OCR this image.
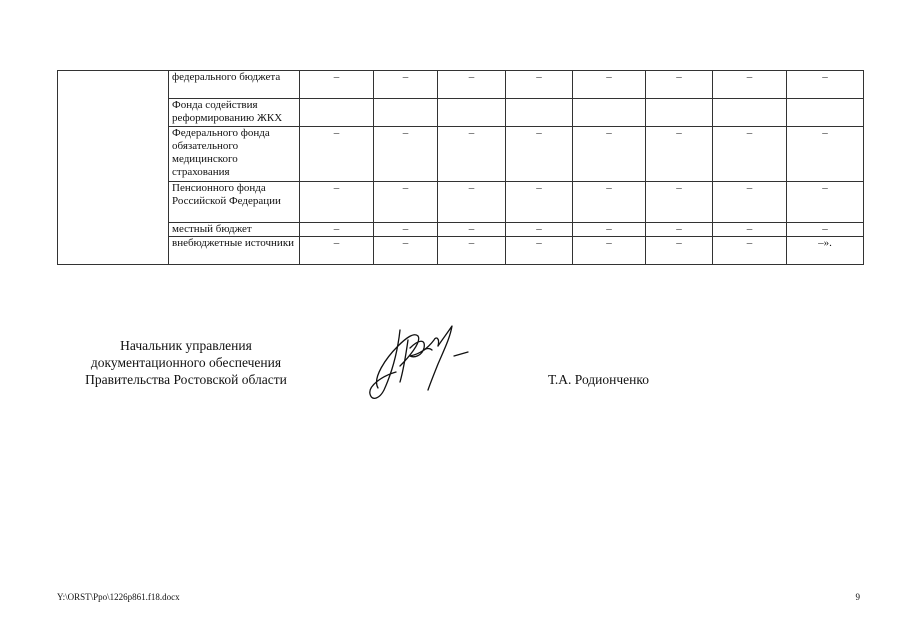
	федерального бюджета	–	–	–	–	–	–	–	–
	Фонда содействия реформированию ЖКХ								
	Федерального фонда обязательного медицинского страхования	–	–	–	–	–	–	–	–
	Пенсионного фонда Российской Федерации	–	–	–	–	–	–	–	–
	местный бюджет	–	–	–	–	–	–	–	–
	внебюджетные источники	–	–	–	–	–	–	–	–».
Начальник управления
документационного обеспечения
Правительства Ростовской области	Т.А. Родионченко
Y:\ORST\Ppo\1226p861.f18.docx	9
